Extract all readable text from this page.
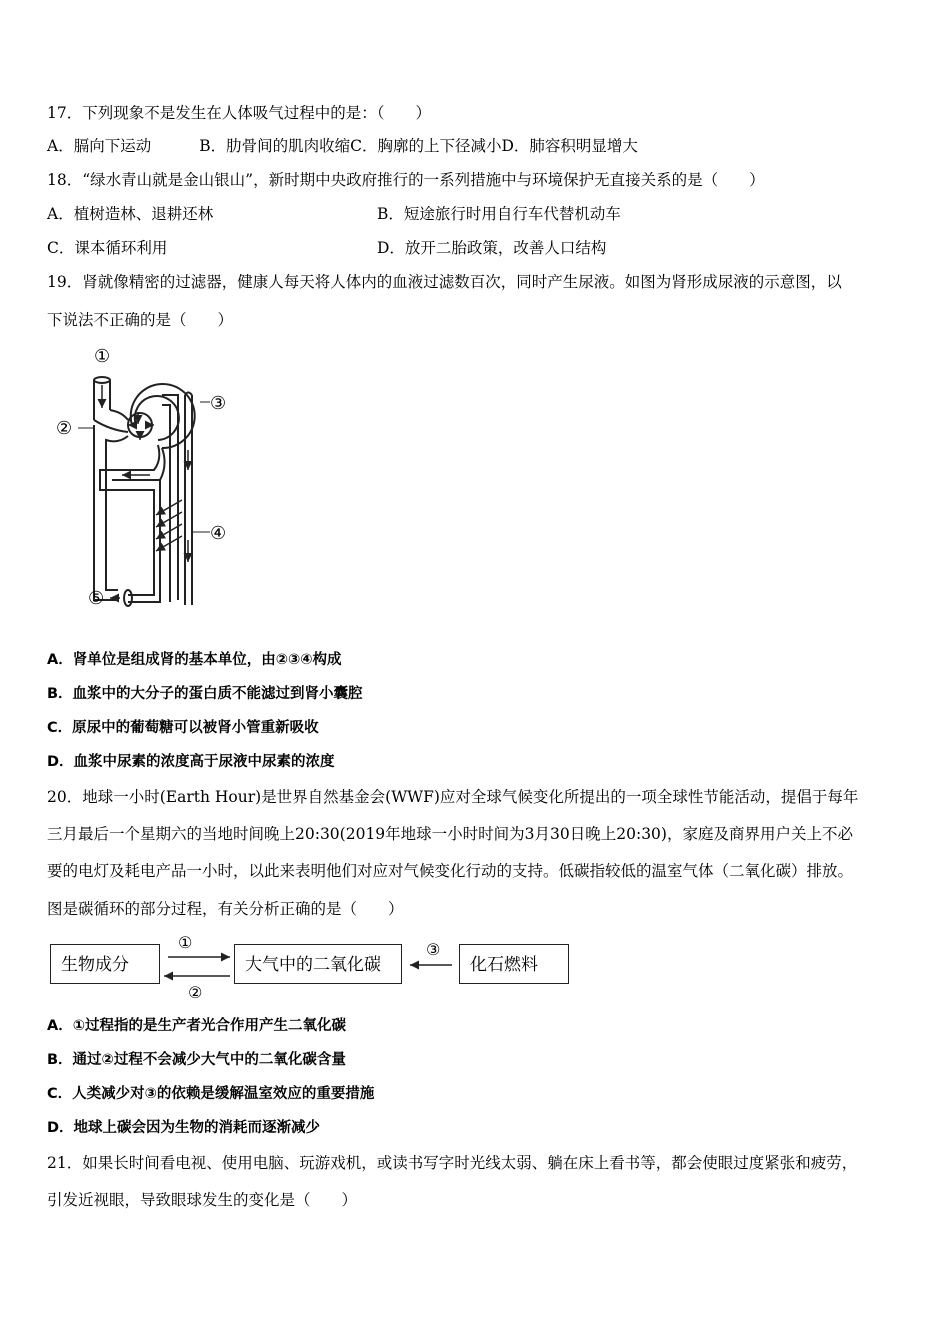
17．下列现象不是发生在人体吸气过程中的是：（　　）
A．膈向下运动	B．肋骨间的肌肉收缩C．胸廓的上下径减小D．肺容积明显增大
18．“绿水青山就是金山银山”，新时期中央政府推行的一系列措施中与环境保护无直接关系的是（　　）
A．植树造林、退耕还林	B．短途旅行时用自行车代替机动车
C．课本循环利用	D．放开二胎政策，改善人口结构
19．肾就像精密的过滤器，健康人每天将人体内的血液过滤数百次，同时产生尿液。如图为肾形成尿液的示意图，以
下说法不正确的是（　　）
①
②
③
④
⑤
A．肾单位是组成肾的基本单位，由②③④构成
B．血浆中的大分子的蛋白质不能滤过到肾小囊腔
C．原尿中的葡萄糖可以被肾小管重新吸收
D．血浆中尿素的浓度高于尿液中尿素的浓度
20．地球一小时(Earth Hour)是世界自然基金会(WWF)应对全球气候变化所提出的一项全球性节能活动，提倡于每年
三月最后一个星期六的当地时间晚上20:30(2019年地球一小时时间为3月30日晚上20:30)，家庭及商界用户关上不必
要的电灯及耗电产品一小时，以此来表明他们对应对气候变化行动的支持。低碳指较低的温室气体（二氧化碳）排放。
图是碳循环的部分过程，有关分析正确的是（　　）
生物成分	大气中的二氧化碳	化石燃料
①
②
③
A．①过程指的是生产者光合作用产生二氧化碳
B．通过②过程不会减少大气中的二氧化碳含量
C．人类减少对③的依赖是缓解温室效应的重要措施
D．地球上碳会因为生物的消耗而逐渐减少
21．如果长时间看电视、使用电脑、玩游戏机，或读书写字时光线太弱、躺在床上看书等，都会使眼过度紧张和疲劳，
引发近视眼，导致眼球发生的变化是（　　）
